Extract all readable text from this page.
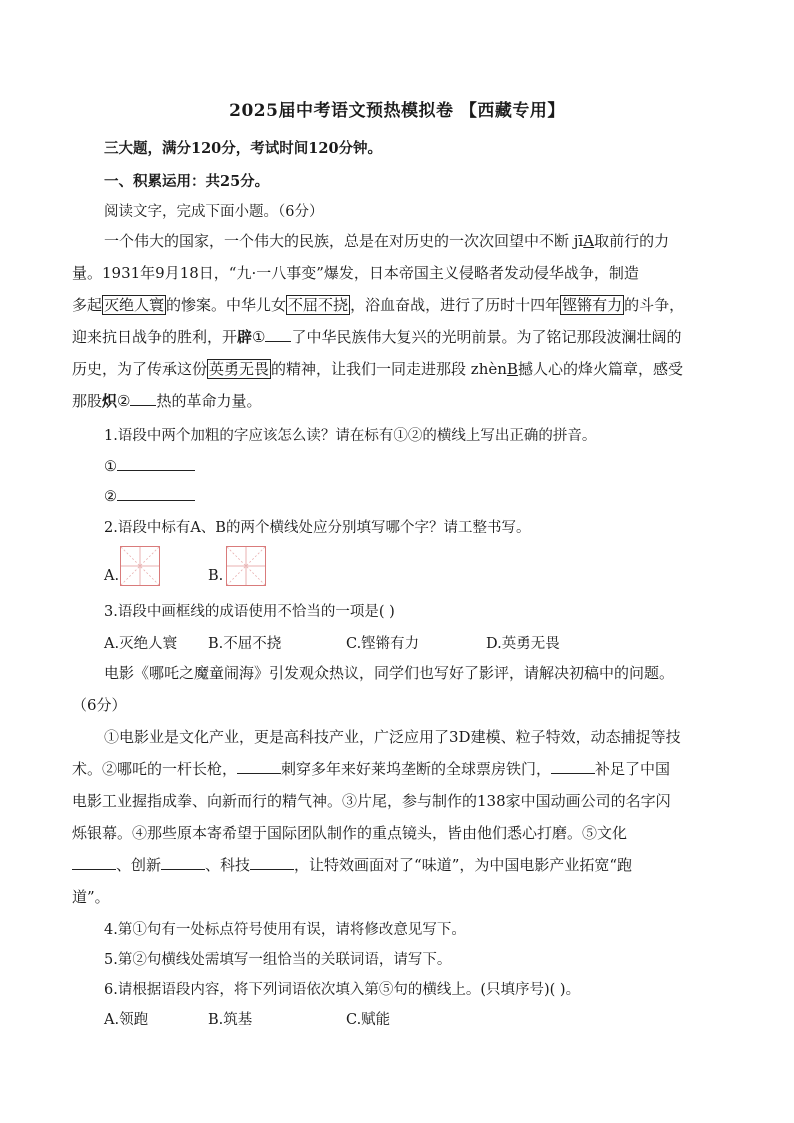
2025届中考语文预热模拟卷 【西藏专用】
三大题，满分120分，考试时间120分钟。
一、积累运用：共25分。
阅读文字，完成下面小题。（6分）
一个伟大的国家，一个伟大的民族，总是在对历史的一次次回望中不断 jīA取前行的力
量。1931年9月18日，“九·一八事变”爆发，日本帝国主义侵略者发动侵华战争，制造
多起 灭绝人寰 的惨案。中华儿女 不屈不挠 ，浴血奋战，进行了历时十四年 铿锵有力 的斗争，
迎来抗日战争的胜利，开辟① 了中华民族伟大复兴的光明前景。为了铭记那段波澜壮阔的
历史，为了传承这份 英勇无畏 的精神，让我们一同走进那段 zhènB撼人心的烽火篇章，感受
那股炽② 热的革命力量。
1.语段中两个加粗的字应该怎么读？请在标有①②的横线上写出正确的拼音。
①
②
2.语段中标有A、B的两个横线处应分别填写哪个字？请工整书写。
A.	B.
3.语段中画框线的成语使用不恰当的一项是( )
A.灭绝人寰 B.不屈不挠	C.铿锵有力	D.英勇无畏
电影《哪吒之魔童闹海》引发观众热议，同学们也写好了影评，请解决初稿中的问题。
（6分）
①电影业是文化产业，更是高科技产业，广泛应用了3D建模、粒子特效，动态捕捉等技
术。②哪吒的一杆长枪，	刺穿多年来好莱坞垄断的全球票房铁门，	补足了中国
电影工业握指成拳、向新而行的精气神。③片尾，参与制作的138家中国动画公司的名字闪
烁银幕。④那些原本寄希望于国际团队制作的重点镜头，皆由他们悉心打磨。⑤文化
、创新	、科技	，让特效画面对了“味道”，为中国电影产业拓宽“跑
道”。
4.第①句有一处标点符号使用有误，请将修改意见写下。
5.第②句横线处需填写一组恰当的关联词语，请写下。
6.请根据语段内容，将下列词语依次填入第⑤句的横线上。(只填序号)( )。
A.领跑	B.筑基	C.赋能
